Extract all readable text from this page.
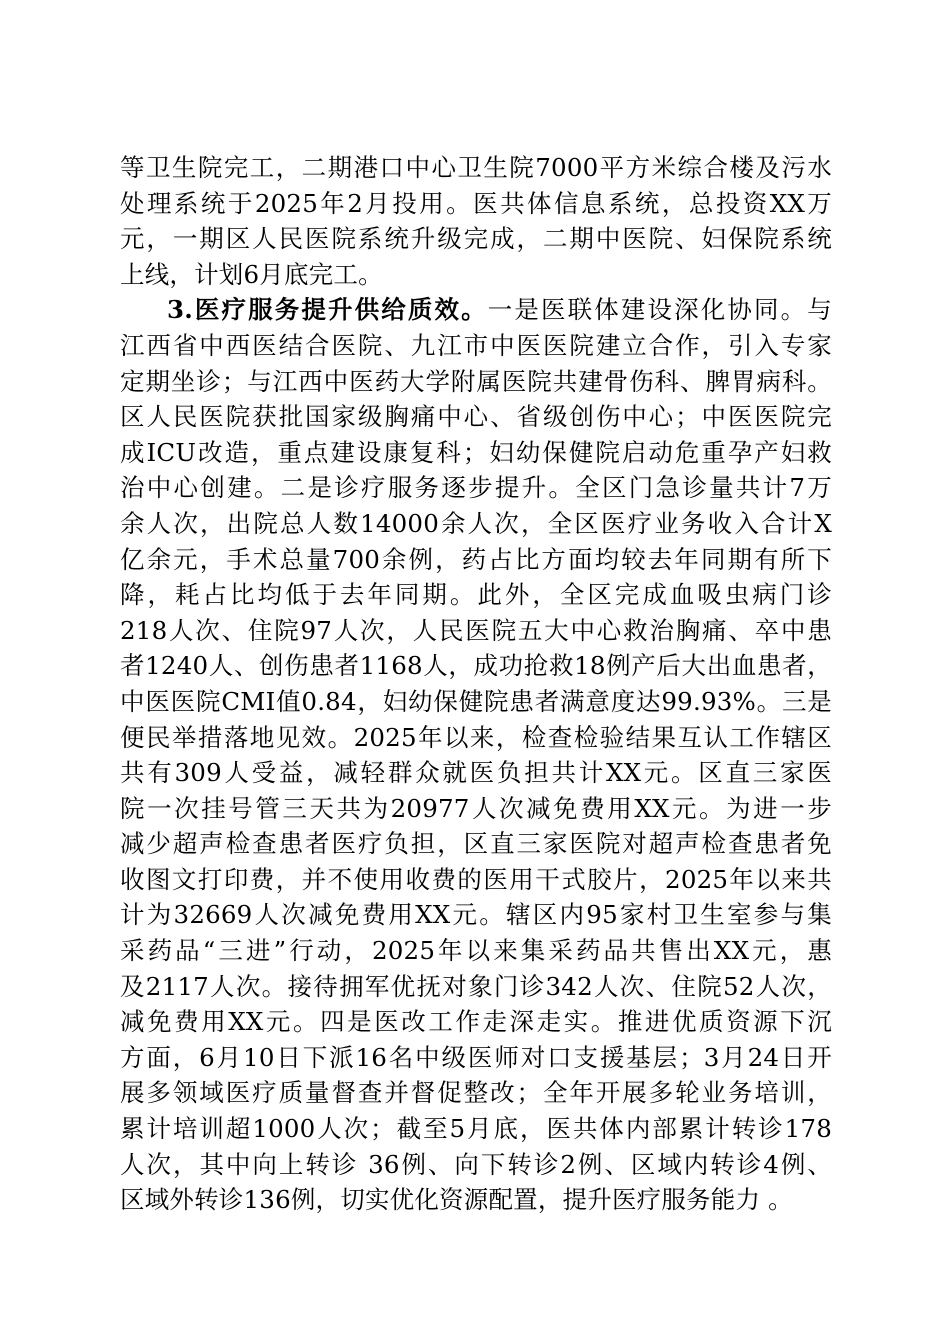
等卫生院完工，二期港口中心卫生院7000平方米综合楼及污水
处理系统于2025年2月投用。医共体信息系统，总投资XX万
元，一期区人民医院系统升级完成，二期中医院、妇保院系统
上线，计划6月底完工。
3.医疗服务提升供给质效。一是医联体建设深化协同。与
江西省中西医结合医院、九江市中医医院建立合作，引入专家
定期坐诊；与江西中医药大学附属医院共建骨伤科、脾胃病科。
区人民医院获批国家级胸痛中心、省级创伤中心；中医医院完
成ICU改造，重点建设康复科；妇幼保健院启动危重孕产妇救
治中心创建。二是诊疗服务逐步提升。全区门急诊量共计7万
余人次，出院总人数14000余人次，全区医疗业务收入合计X
亿余元，手术总量700余例，药占比方面均较去年同期有所下
降，耗占比均低于去年同期。此外，全区完成血吸虫病门诊
218人次、住院97人次，人民医院五大中心救治胸痛、卒中患
者1240人、创伤患者1168人，成功抢救18例产后大出血患者，
中医医院CMI值0.84，妇幼保健院患者满意度达99.93%。三是
便民举措落地见效。2025年以来，检查检验结果互认工作辖区
共有309人受益，减轻群众就医负担共计XX元。区直三家医
院一次挂号管三天共为20977人次减免费用XX元。为进一步
减少超声检查患者医疗负担，区直三家医院对超声检查患者免
收图文打印费，并不使用收费的医用干式胶片，2025年以来共
计为32669人次减免费用XX元。辖区内95家村卫生室参与集
采药品“三进”行动，2025年以来集采药品共售出XX元，惠
及2117人次。接待拥军优抚对象门诊342人次、住院52人次，
减免费用XX元。四是医改工作走深走实。推进优质资源下沉
方面，6月10日下派16名中级医师对口支援基层；3月24日开
展多领域医疗质量督查并督促整改；全年开展多轮业务培训，
累计培训超1000人次；截至5月底，医共体内部累计转诊178
人次，其中向上转诊 36例、向下转诊2例、区域内转诊4例、
区域外转诊136例，切实优化资源配置，提升医疗服务能力 。
